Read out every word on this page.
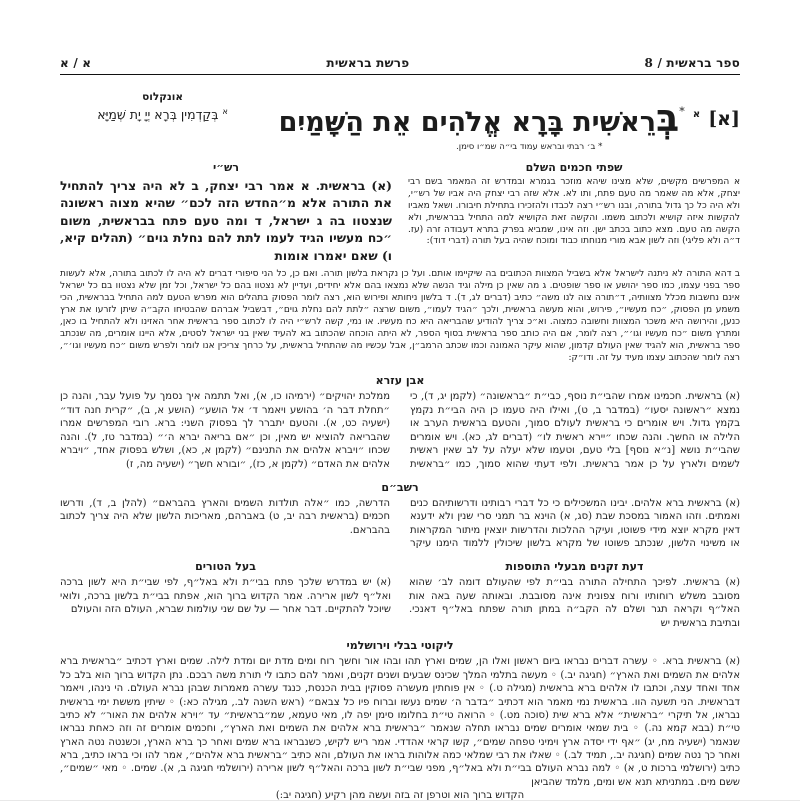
ספר בראשית / 8
פרשת בראשית
א / א
[א] $^א$ *בְּרֵאשִׁית בָּרָא אֱלֹהִים אֵת הַשָּׁמַיִם
אונקלוס
$^א$ בְּקַדְמִין בְּרָא יְיָ יָת שְׁמַיָּא
* ב׳ רבתי ובראש עמוד בי״ה שמ״ו סימן.
שפתי חכמים השלם
א המפרשים מקשים, שלא מצינו שיהא מוזכר בגמרא ובמדרש זה המאמר בשם רבי יצחק, אלא מה שאמר מה טעם פתח, ותו לא. אלא שזה רבי יצחק היה אביו של רש״י, ולא היה כל כך גדול בתורה, ובנו רש״י רצה לכבדו ולהזכירו בתחילת חיבורו. ושאל מאביו להקשות איזה קושיא ולכתוב משמו. והקשה זאת הקושיא למה התחיל בבראשית, ולא הקשה מה טעם. מצא כתוב בכתב ישן. וזה אינו, שמביא בפרק בתרא דעבודה זרה (עז. ד״ה ולא פליגי) וזה לשון אבא מורי מנוחתו כבוד ומוכח שהיה בעל תורה (דברי דוד):
רש״י
(א) בראשית. א אמר רבי יצחק, ב לא היה צריך להתחיל את התורה אלא מ״החדש הזה לכם״ שהיא מצוה ראשונה שנצטוו בה ג ישראל, ד ומה טעם פתח בבראשית, משום ״כח מעשיו הגיד לעמו לתת להם נחלת גוים״ (תהלים קיא, ו) שאם יאמרו אומות
ב דהא התורה לא ניתנה לישראל אלא בשביל המצוות הכתובים בה שיקיימו אותם. ועל כן נקראת בלשון תורה. ואם כן, כל הני סיפורי דברים לא היה לו לכתוב בתורה, אלא לעשות ספר בפני עצמו, כמו ספר יהושע או ספר שופטים. ג מה שאין כן מילה וגיד הנשה שלא נמצאו בהם אלא יחידים, ועדיין לא נצטוו בהם כל ישראל, וכל זמן שלא נצטוו בם כל ישראל אינם נחשבות מכלל מצוותיה, ד״תורה צוה לנו משה״ כתיב (דברים לג, ד). ד בלשון ניחותא ופירוש הוא, רצה לומר הפסוק בתהלים הוא מפרש הטעם למה התחיל בבראשית, הכי משמע מן הפסוק, ״כח מעשיו״, פירוש, והוא מעשה בראשית, ולכך ״הגיד לעמו״, משום שרצה ״לתת להם נחלת גוים״, דבשביל אברהם שהבטיחו הקב״ה שיתן לזרעו את ארץ כנען, והירושה היא משכר המצוות וחשובה כמצוה. וא״כ צריך להודיע שהבריאה היא כח מעשיו. או נמי, קשה לרש״י היה לו לכתוב ספר בראשית אחר האזינו ולא להתחיל בו כאן, ומתרץ משום ״כח מעשיו וגו׳״, רצה לומר, אם היה כותב ספר בראשית בסוף הספר, לא היתה הוכחה שהכתוב בא להעיד שאין בני ישראל לסטים, אלא היינו אומרים, מה שנכתב ספר בראשית, הוא להגיד שאין העולם קדמון, שהוא עיקר האמונה וכמו שכתב הרמב״ן, אבל עכשיו מה שהתחיל בראשית, על כרחך צריכין אנו לומר ולפרש משום ״כח מעשיו וגו׳״, רצה לומר שהכתוב עצמו מעיד על זה. ודו״ק:
אבן עזרא
(א) בראשית. חכמינו אמרו שהבי״ת נוסף, כבי״ת ״בראשונה״ (לקמן יג, ד), כי נמצא ״ראשונה יסעו״ (במדבר ב, ט), ואילו היה טעמו כן היה הבי״ת נקמץ בקמץ גדול. ויש אומרים כי בראשית לעולם סמוך, והטעם בראשית הערב או הלילה או החשך. והנה שכחו ״יירא ראשית לו״ (דברים לג, כא). ויש אומרים שהבי״ת נושא [נ״א נוסף] בלי טעם, וטעמו שלא יעלה על לב שאין ראשית לשמים ולארץ על כן אמר בראשית. ולפי דעתי שהוא סמוך, כמו ״בראשית ממלכת יהויקים״ (ירמיהו כו, א), ואל תתמה איך נסמך על פועל עבר, והנה כן ״תחלת דבר ה׳ בהושע ויאמר ד׳ אל הושע״ (הושע א, ב), ״קרית חנה דוד״ (ישעיה כט, א). והטעם יתברר לך בפסוק השני: ברא. רובי המפרשים אמרו שהבריאה להוציא יש מאין, וכן ״אם בריאה יברא ה׳״ (במדבר טז, ל). והנה שכחו ״ויברא אלהים את התנינם״ (לקמן א, כא), ושלש בפסוק אחד, ״ויברא אלהים את האדם״ (לקמן א, כז), ״ובורא חשך״ (ישעיה מה, ז)
רשב״ם
(א) בראשית ברא אלהים. יבינו המשכילים כי כל דברי רבותינו ודרשותיהם כנים ואמתים. וזהו האמור במסכת שבת (סג, א) הוינא בר תמני סרי שנין ולא ידענא דאין מקרא יוצא מידי פשוטו, ועיקר ההלכות והדרשות יוצאין מיתור המקראות או משינוי הלשון, שנכתב פשוטו של מקרא בלשון שיכולין ללמוד הימנו עיקר הדרשה, כמו ״אלה תולדות השמים והארץ בהבראם״ (להלן ב, ד), ודרשו חכמים (בראשית רבה יב, ט) באברהם, מאריכות הלשון שלא היה צריך לכתוב בהבראם.
דעת זקנים מבעלי התוספות
(א) בראשית. לפיכך התחילה התורה בבי״ת לפי שהעולם דומה לב׳ שהוא מסובב משלש רוחותיו ורוח צפונית אינה מסובבת. ובאותה שעה באה אות האל״ף וקראה תגר ושלם לה הקב״ה במתן תורה שפתח באל״ף דאנכי. ובתיבת בראשית יש
בעל הטורים
(א) יש במדרש שלכך פתח בבי״ת ולא באל״ף, לפי שבי״ת היא לשון ברכה ואל״ף לשון ארירה. אמר הקדוש ברוך הוא, אפתח בבי״ת בלשון ברכה, ולואי שיוכל להתקיים. דבר אחר — על שם שני עולמות שברא, העולם הזה והעולם
ליקוטי בבלי וירושלמי
(א) בראשית ברא. ◦ עשרה דברים נבראו ביום ראשון ואלו הן, שמים וארץ תהו ובהו אור וחשך רוח ומים מדת יום ומדת לילה. שמים וארץ דכתיב ״בראשית ברא אלהים את השמים ואת הארץ״ (חגיגה יב.) ◦ מעשה בתלמי המלך שכינס שבעים ושנים זקנים, ואמר להם כתבו לי תורת משה רבכם. נתן הקדוש ברוך הוא בלב כל אחד ואחד עצה, וכתבו לו אלהים ברא בראשית (מגילה ט.) ◦ אין פוחתין מעשרה פסוקין בבית הכנסת, כנגד עשרה מאמרות שבהן נברא העולם. הי נינהו, ויאמר דבראשית. הני תשעה הוו. בראשית נמי מאמר הוא דכתיב ״בדבר ה׳ שמים נעשו וברוח פיו כל צבאם״ (ראש השנה לב., מגילה כא:) ◦ שיתין מששת ימי בראשית נבראו, אל תיקרי ״בראשית״ אלא ברא שית (סוכה מט.) ◦ הרואה טי״ת בחלומו סימן יפה לו, מאי טעמא, שמ״בראשית״ עד ״וירא אלהים את האור״ לא כתיב טי״ת (בבא קמא נה.) ◦ בית שמאי אומרים שמים נבראו תחלה שנאמר ״בראשית ברא אלהים את השמים ואת הארץ״, וחכמים אומרים זה וזה כאחת נבראו שנאמר (ישעיה מח, יג) ״אף ידי יסדה ארץ וימיני טפחה שמים״, קשו קראי אהדדי. אמר ריש לקיש, כשנבראו ברא שמים ואחר כך ברא הארץ, וכשנטה נטה הארץ ואחר כך נטה שמים (חגיגה יב., תמיד לב.) ◦ שאלו את רבי שמלאי כמה אלוהות בראו את העולם, והא כתיב ״בראשית ברא אלהים״, אמר להו וכי בראו כתיב, ברא כתיב (ירושלמי ברכות ט, א) ◦ למה נברא העולם בבי״ת ולא באל״ף, מפני שבי״ת לשון ברכה והאל״ף לשון ארירה (ירושלמי חגיגה ב, א). שמים. ◦ מאי ״שמים״, ששם מים. במתניתא תנא אש ומים, מלמד שהביאן
הקדוש ברוך הוא וטרפן זה בזה ועשה מהן רקיע (חגיגה יב:)
